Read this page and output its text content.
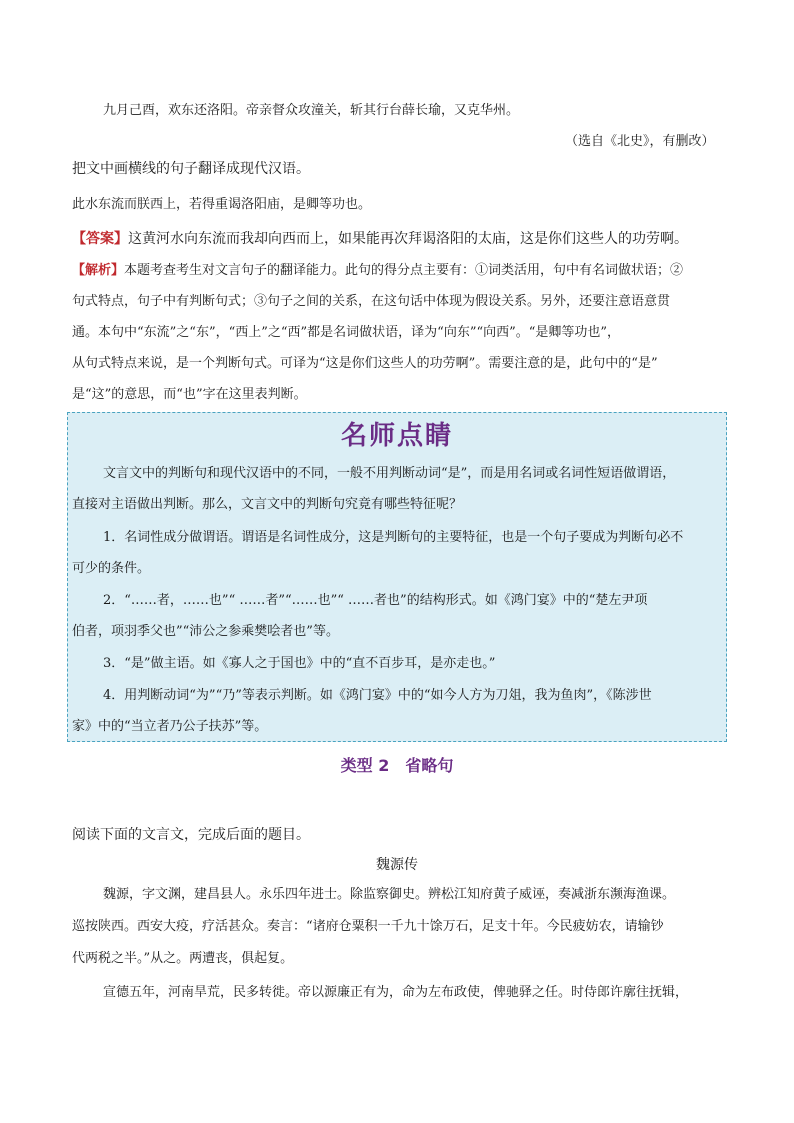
九月己酉，欢东还洛阳。帝亲督众攻潼关，斩其行台薛长瑜，又克华州。
（选自《北史》，有删改）
把文中画横线的句子翻译成现代汉语。
此水东流而朕西上，若得重谒洛阳庙，是卿等功也。
【答案】这黄河水向东流而我却向西而上，如果能再次拜谒洛阳的太庙，这是你们这些人的功劳啊。
【解析】本题考查考生对文言句子的翻译能力。此句的得分点主要有：①词类活用，句中有名词做状语；②
句式特点，句子中有判断句式；③句子之间的关系，在这句话中体现为假设关系。另外，还要注意语意贯
通。本句中“东流”之“东”，“西上”之“西”都是名词做状语，译为“向东”“向西”。“是卿等功也”，
从句式特点来说，是一个判断句式。可译为“这是你们这些人的功劳啊”。需要注意的是，此句中的“是”
是“这”的意思，而“也”字在这里表判断。
名师点睛
文言文中的判断句和现代汉语中的不同，一般不用判断动词“是”，而是用名词或名词性短语做谓语，
直接对主语做出判断。那么，文言文中的判断句究竟有哪些特征呢？
1．名词性成分做谓语。谓语是名词性成分，这是判断句的主要特征，也是一个句子要成为判断句必不
可少的条件。
2．“……者，……也”“ ……者”“……也”“ ……者也”的结构形式。如《鸿门宴》中的“楚左尹项
伯者，项羽季父也”“沛公之参乘樊哙者也”等。
3．“是”做主语。如《寡人之于国也》中的“直不百步耳，是亦走也。”
4．用判断动词“为”“乃”等表示判断。如《鸿门宴》中的“如今人方为刀俎，我为鱼肉”，《陈涉世
家》中的“当立者乃公子扶苏”等。
类型 2　省略句
阅读下面的文言文，完成后面的题目。
魏源传
魏源，字文渊，建昌县人。永乐四年进士。除监察御史。辨松江知府黄子威诬，奏减浙东濒海渔课。
巡按陕西。西安大疫，疗活甚众。奏言：“诸府仓粟积一千九十馀万石，足支十年。今民疲妨农，请输钞
代两税之半。”从之。两遭丧，俱起复。
宣德五年，河南旱荒，民多转徙。帝以源廉正有为，命为左布政使，俾驰驿之任。时侍郎许廓往抚辑，
